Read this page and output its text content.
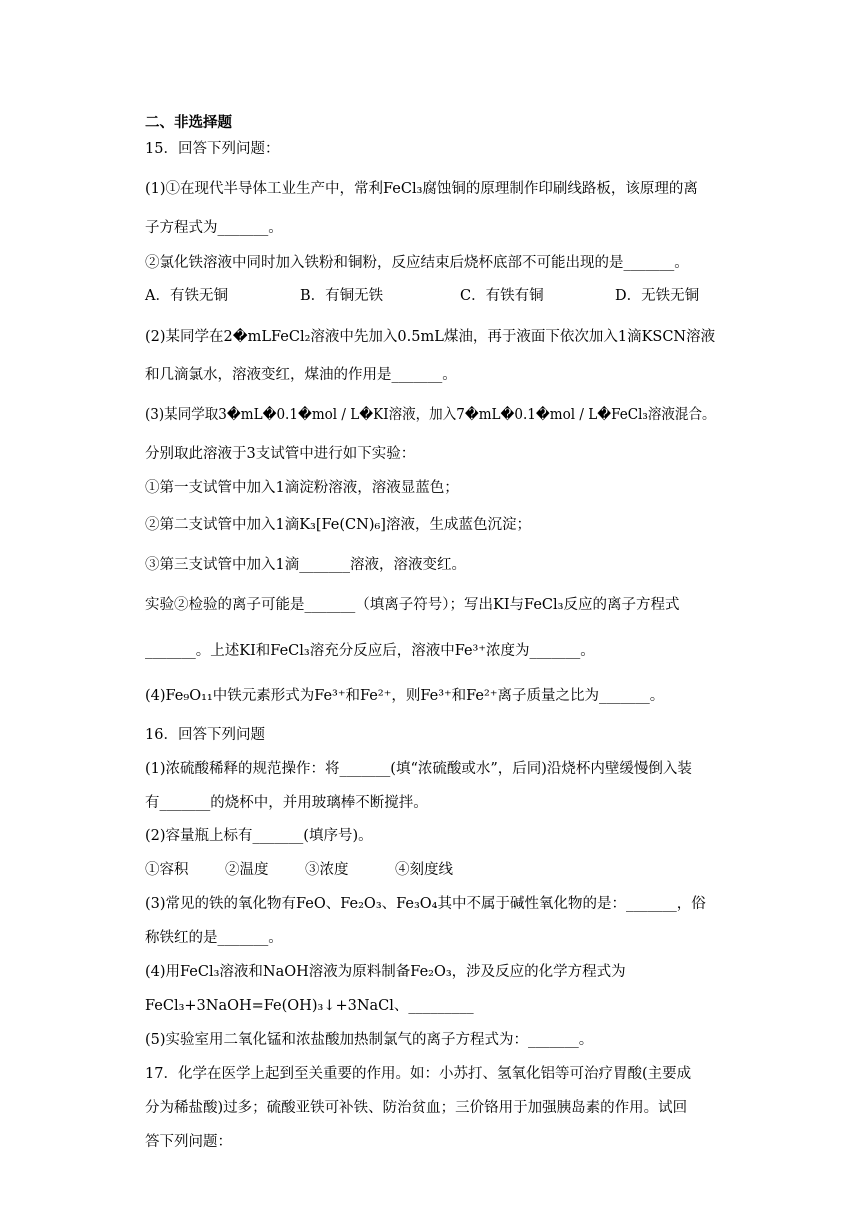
二、非选择题
15．回答下列问题：
(1)①在现代半导体工业生产中，常利FeCl₃腐蚀铜的原理制作印刷线路板，该原理的离
子方程式为_______。
②氯化铁溶液中同时加入铁粉和铜粉，反应结束后烧杯底部不可能出现的是_______。
A．有铁无铜	B．有铜无铁	C．有铁有铜	D．无铁无铜
(2)某同学在2�mLFeCl₂溶液中先加入0.5mL煤油，再于液面下依次加入1滴KSCN溶液
和几滴氯水，溶液变红，煤油的作用是_______。
(3)某同学取3�mL�0.1�mol / L�KI溶液，加入7�mL�0.1�mol / L�FeCl₃溶液混合。
分别取此溶液于3支试管中进行如下实验：
①第一支试管中加入1滴淀粉溶液，溶液显蓝色；
②第二支试管中加入1滴K₃[Fe(CN)₆]溶液，生成蓝色沉淀；
③第三支试管中加入1滴_______溶液，溶液变红。
实验②检验的离子可能是_______（填离子符号）；写出KI与FeCl₃反应的离子方程式
_______。上述KI和FeCl₃溶充分反应后，溶液中Fe³⁺浓度为_______。
(4)Fe₉O₁₁中铁元素形式为Fe³⁺和Fe²⁺，则Fe³⁺和Fe²⁺离子质量之比为_______。
16．回答下列问题
(1)浓硫酸稀释的规范操作：将_______(填“浓硫酸或水”，后同)沿烧杯内壁缓慢倒入装
有_______的烧杯中，并用玻璃棒不断搅拌。
(2)容量瓶上标有_______(填序号)。
①容积	②温度	③浓度	④刻度线
(3)常见的铁的氧化物有FeO、Fe₂O₃、Fe₃O₄其中不属于碱性氧化物的是：_______，俗
称铁红的是_______。
(4)用FeCl₃溶液和NaOH溶液为原料制备Fe₂O₃，涉及反应的化学方程式为
FeCl₃+3NaOH=Fe(OH)₃↓+3NaCl、_________
(5)实验室用二氧化锰和浓盐酸加热制氯气的离子方程式为：_______。
17．化学在医学上起到至关重要的作用。如：小苏打、氢氧化铝等可治疗胃酸(主要成
分为稀盐酸)过多；硫酸亚铁可补铁、防治贫血；三价铬用于加强胰岛素的作用。试回
答下列问题：
